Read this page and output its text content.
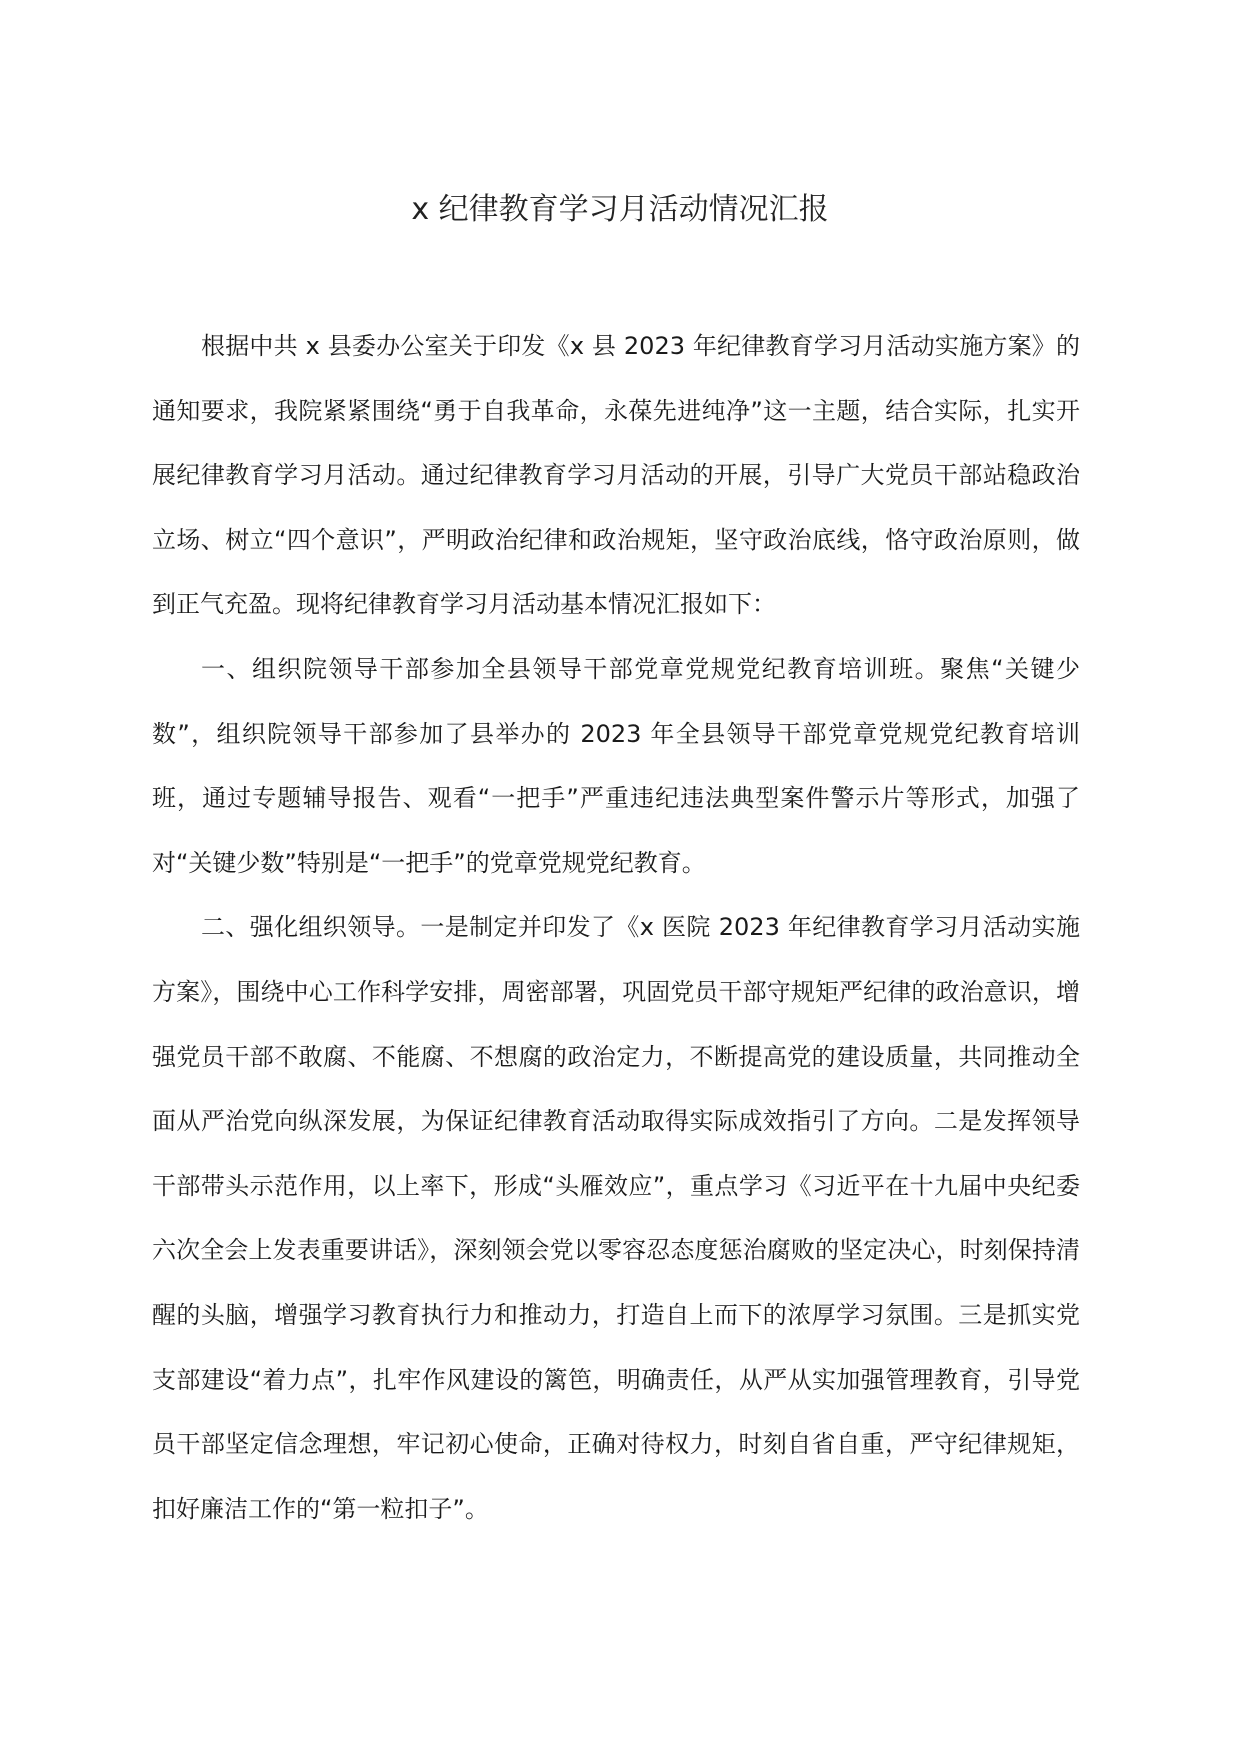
x 纪律教育学习月活动情况汇报

根据中共 x 县委办公室关于印发《x 县 2023 年纪律教育学习月活动实施方案》的通知要求，我院紧紧围绕“勇于自我革命，永葆先进纯净”这一主题，结合实际，扎实开展纪律教育学习月活动。通过纪律教育学习月活动的开展，引导广大党员干部站稳政治立场、树立“四个意识”，严明政治纪律和政治规矩，坚守政治底线，恪守政治原则，做到正气充盈。现将纪律教育学习月活动基本情况汇报如下：

一、组织院领导干部参加全县领导干部党章党规党纪教育培训班。聚焦“关键少数”，组织院领导干部参加了县举办的 2023 年全县领导干部党章党规党纪教育培训班，通过专题辅导报告、观看“一把手”严重违纪违法典型案件警示片等形式，加强了对“关键少数”特别是“一把手”的党章党规党纪教育。

二、强化组织领导。一是制定并印发了《x 医院 2023 年纪律教育学习月活动实施方案》，围绕中心工作科学安排，周密部署，巩固党员干部守规矩严纪律的政治意识，增强党员干部不敢腐、不能腐、不想腐的政治定力，不断提高党的建设质量，共同推动全面从严治党向纵深发展，为保证纪律教育活动取得实际成效指引了方向。二是发挥领导干部带头示范作用，以上率下，形成“头雁效应”，重点学习《习近平在十九届中央纪委六次全会上发表重要讲话》，深刻领会党以零容忍态度惩治腐败的坚定决心，时刻保持清醒的头脑，增强学习教育执行力和推动力，打造自上而下的浓厚学习氛围。三是抓实党支部建设“着力点”，扎牢作风建设的篱笆，明确责任，从严从实加强管理教育，引导党员干部坚定信念理想，牢记初心使命，正确对待权力，时刻自省自重，严守纪律规矩，扣好廉洁工作的“第一粒扣子”。
